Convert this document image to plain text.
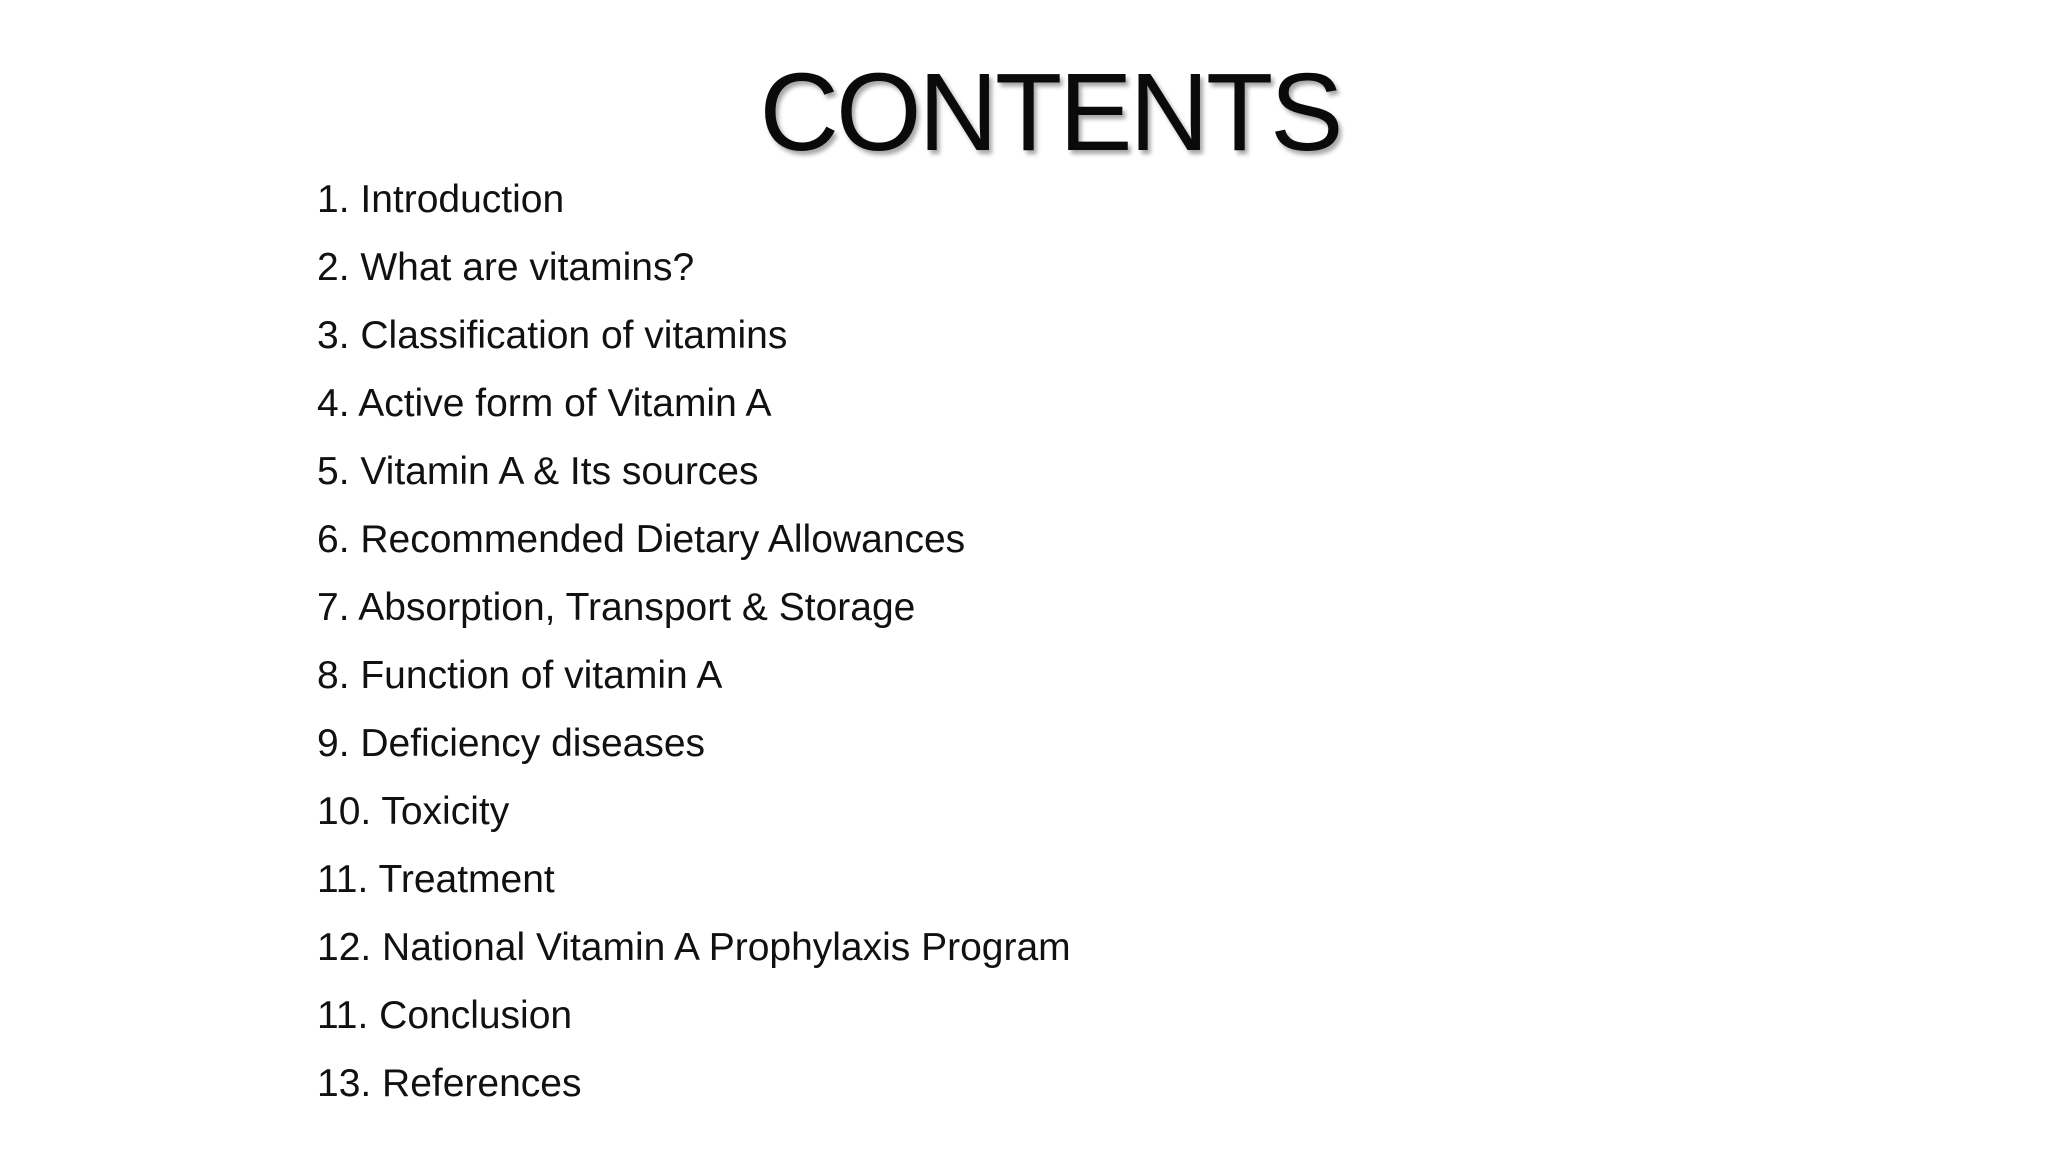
CONTENTS
1. Introduction
2. What are vitamins?
3. Classification of vitamins
4. Active form of Vitamin A
5. Vitamin A & Its sources
6. Recommended Dietary Allowances
7. Absorption, Transport & Storage
8. Function of vitamin A
9. Deficiency diseases
10. Toxicity
11. Treatment
12. National Vitamin A Prophylaxis Program
11. Conclusion
13. References
